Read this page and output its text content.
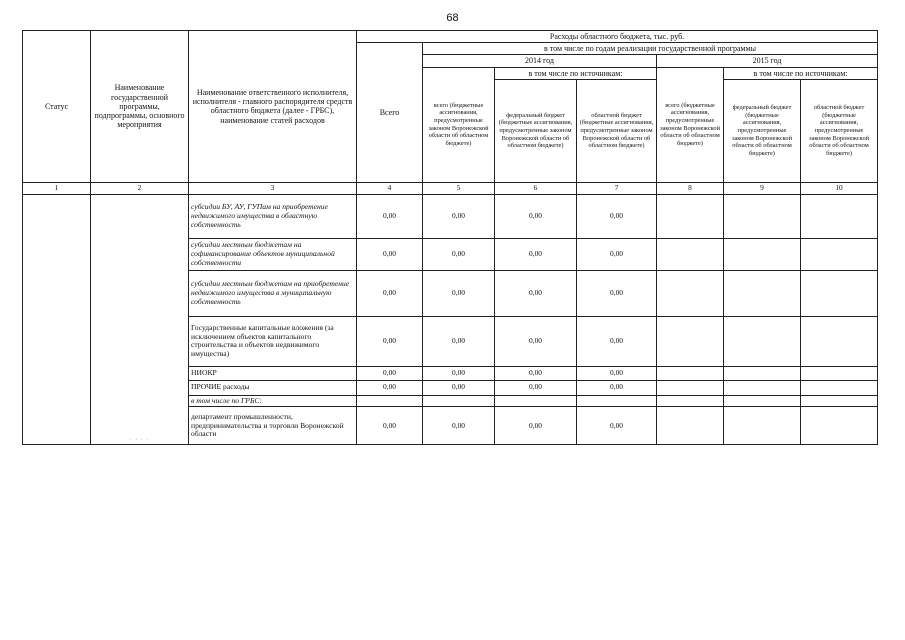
68
Статус	Наименование государственной программы, подпрограммы, основного мероприятия	Наименование ответственного исполнителя, исполнителя - главного распорядителя средств областного бюджета (далее - ГРБС), наименование статей расходов	Расходы областного бюджета, тыс. руб.						
			Всего	в том числе по годам реализации государственной программы					
				2014 год			2015 год		
				всего (бюджетные ассигнования, предусмотренные законом Воронежской области об областном бюджете)	в том числе по источникам:		всего (бюджетные ассигнования, предусмотренные законом Воронежской области об областном бюджете)	в том числе по источникам:	
					федеральный бюджет (бюджетные ассигнования, предусмотренные законом Воронежской области об областном бюджете)	областной бюджет (бюджетные ассигнования, предусмотренные законом Воронежской области об областном бюджете)		федеральный бюджет (бюджетные ассигнования, предусмотренные законом Воронежской области об областном бюджете)	областной бюджет (бюджетные ассигнования, предусмотренные законом Воронежской области об областном бюджете)
1	2	3	4	5	6	7	8	9	10
	· · · ·	субсидии БУ, АУ, ГУПам на приобретение недвижимого имущества в областную собственность	0,00	0,00	0,00	0,00			
		субсидии местным бюджетам на софинансирование объектов муниципальной собственности	0,00	0,00	0,00	0,00			
		субсидии местным бюджетам на приобретение недвижимого имущества в муниципальную собственность	0,00	0,00	0,00	0,00			
		Государственные капитальные вложения (за исключением объектов капитального строительства и объектов недвижимого имущества)	0,00	0,00	0,00	0,00			
		НИОКР	0,00	0,00	0,00	0,00			
		ПРОЧИЕ расходы	0,00	0,00	0,00	0,00			
		в том числе по ГРБС:							
		департамент промышленности, предпринимательства и торговли Воронежской области	0,00	0,00	0,00	0,00			
